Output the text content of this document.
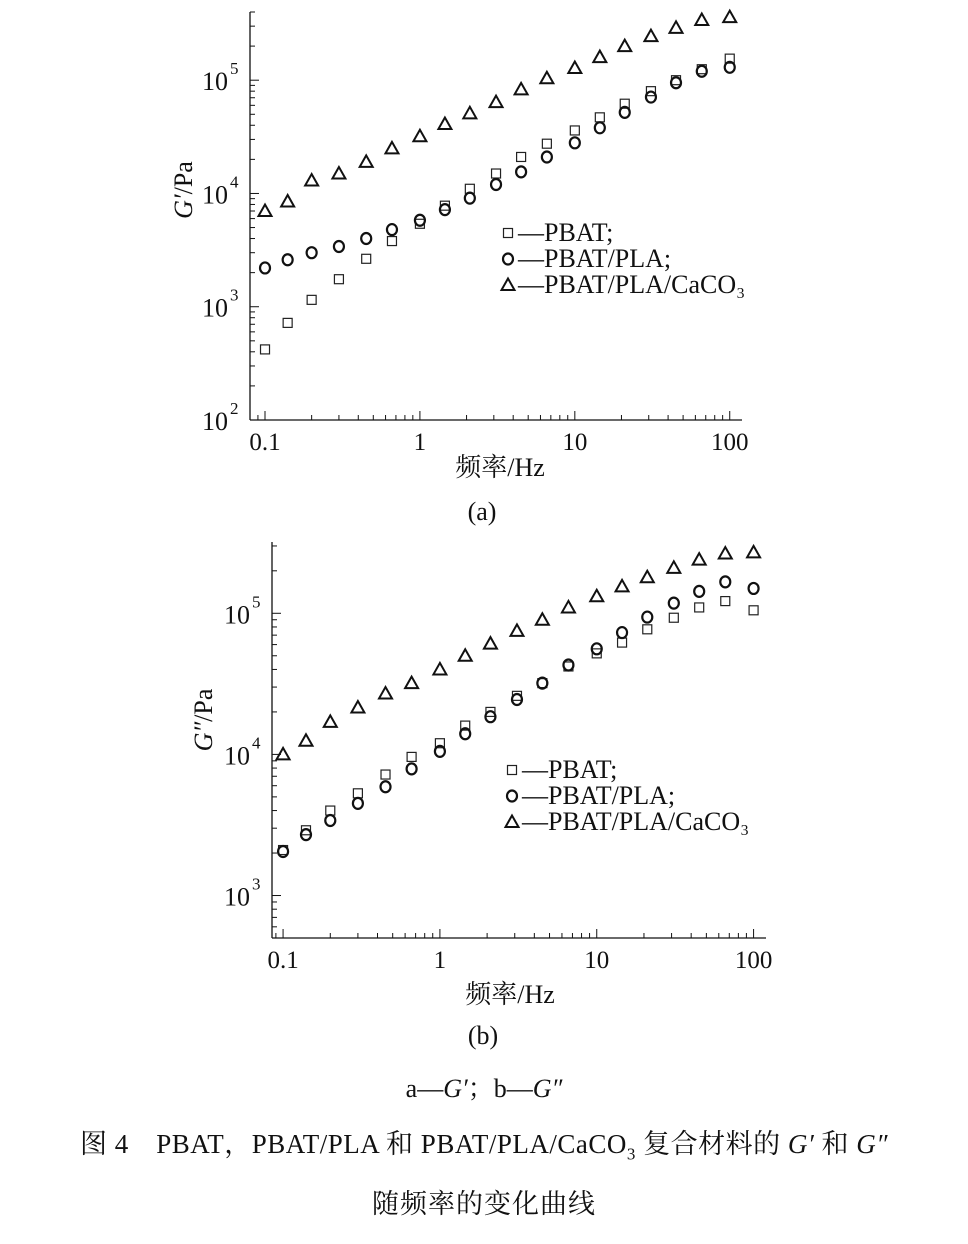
0.1	1	10	100
10 2
10 3
10 4
10 5
G′/Pa
频率/Hz
(a)
—PBAT;
—PBAT/PLA;
—PBAT/PLA/CaCO₃
0.1	1	10	100
10 3
10 4
10 5
G″/Pa
频率/Hz
(b)
—PBAT;
—PBAT/PLA;
—PBAT/PLA/CaCO₃
a—G′；b—G″
图 4　PBAT，PBAT/PLA 和 PBAT/PLA/CaCO$_3$ 复合材料的 G′ 和 G″
随频率的变化曲线
